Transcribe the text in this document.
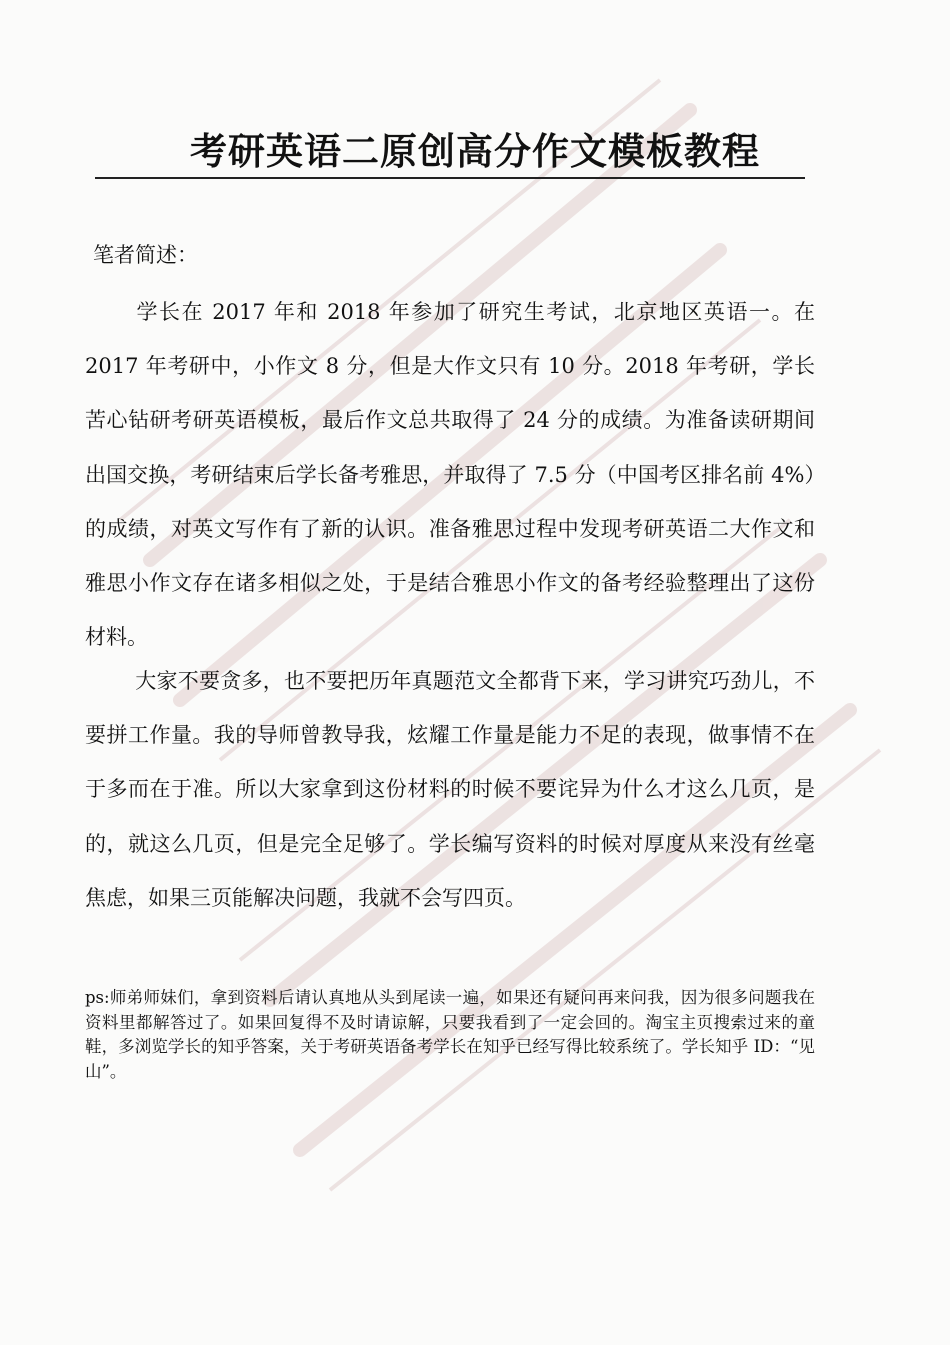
考研英语二原创高分作文模板教程
笔者简述：
学长在 2017 年和 2018 年参加了研究生考试，北京地区英语一。在 2017 年考研中，小作文 8 分，但是大作文只有 10 分。2018 年考研，学长苦心钻研考研英语模板，最后作文总共取得了 24 分的成绩。为准备读研期间出国交换，考研结束后学长备考雅思，并取得了 7.5 分（中国考区排名前 4%）的成绩，对英文写作有了新的认识。准备雅思过程中发现考研英语二大作文和雅思小作文存在诸多相似之处，于是结合雅思小作文的备考经验整理出了这份材料。
大家不要贪多，也不要把历年真题范文全都背下来，学习讲究巧劲儿，不要拼工作量。我的导师曾教导我，炫耀工作量是能力不足的表现，做事情不在于多而在于准。所以大家拿到这份材料的时候不要诧异为什么才这么几页，是的，就这么几页，但是完全足够了。学长编写资料的时候对厚度从来没有丝毫焦虑，如果三页能解决问题，我就不会写四页。
ps:师弟师妹们，拿到资料后请认真地从头到尾读一遍，如果还有疑问再来问我，因为很多问题我在资料里都解答过了。如果回复得不及时请谅解，只要我看到了一定会回的。淘宝主页搜索过来的童鞋，多浏览学长的知乎答案，关于考研英语备考学长在知乎已经写得比较系统了。学长知乎 ID：“见山”。
